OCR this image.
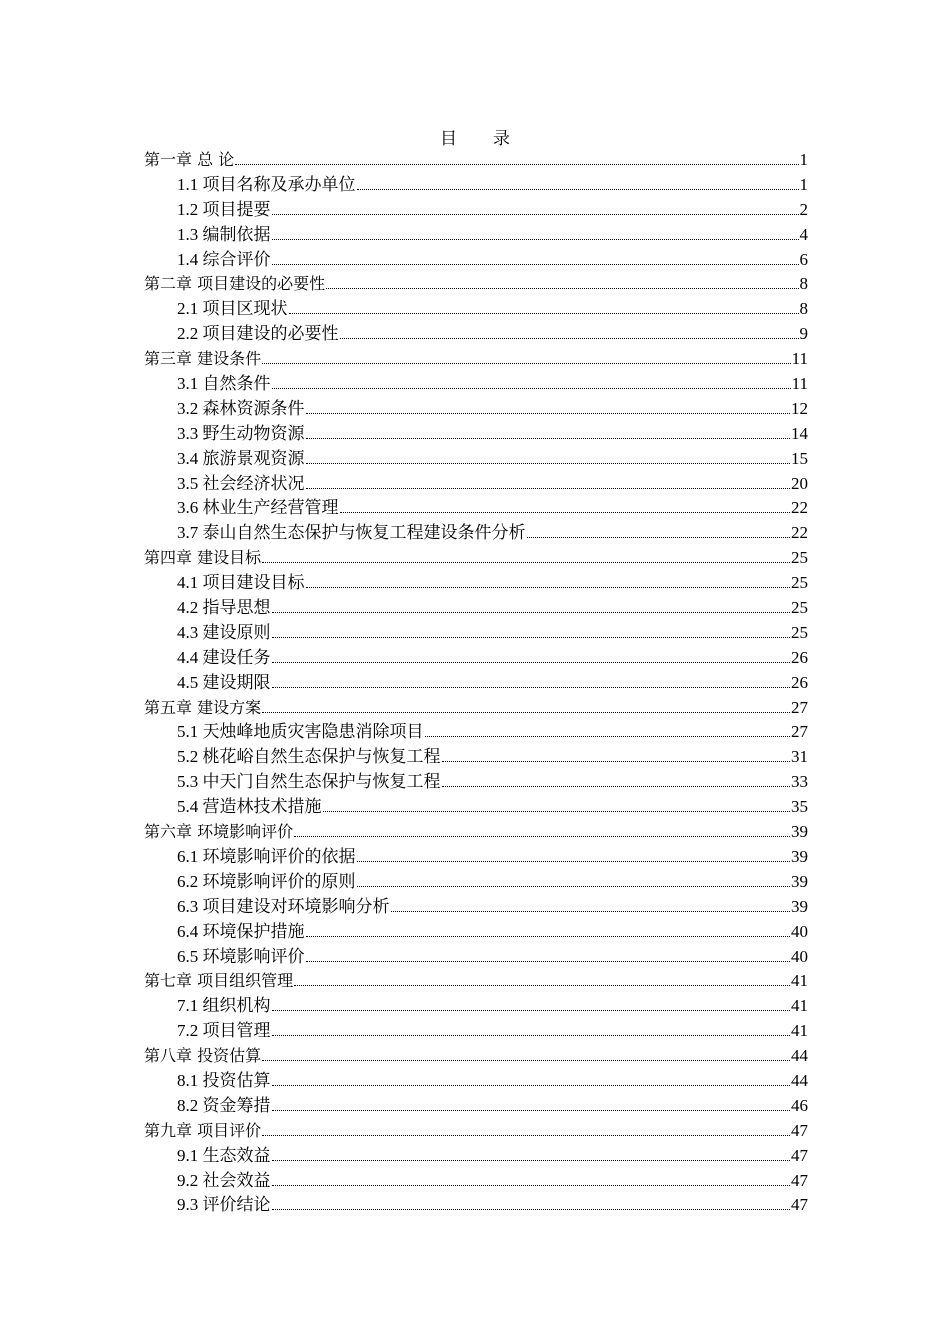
目 录
第一章 总 论	1
1.1 项目名称及承办单位	1
1.2 项目提要	2
1.3 编制依据	4
1.4 综合评价	6
第二章 项目建设的必要性	8
2.1 项目区现状	8
2.2 项目建设的必要性	9
第三章 建设条件	11
3.1 自然条件	11
3.2 森林资源条件	12
3.3 野生动物资源	14
3.4 旅游景观资源	15
3.5 社会经济状况	20
3.6 林业生产经营管理	22
3.7 泰山自然生态保护与恢复工程建设条件分析	22
第四章 建设目标	25
4.1 项目建设目标	25
4.2 指导思想	25
4.3 建设原则	25
4.4 建设任务	26
4.5 建设期限	26
第五章 建设方案	27
5.1 天烛峰地质灾害隐患消除项目	27
5.2 桃花峪自然生态保护与恢复工程	31
5.3 中天门自然生态保护与恢复工程	33
5.4 营造林技术措施	35
第六章 环境影响评价	39
6.1 环境影响评价的依据	39
6.2 环境影响评价的原则	39
6.3 项目建设对环境影响分析	39
6.4 环境保护措施	40
6.5 环境影响评价	40
第七章 项目组织管理	41
7.1 组织机构	41
7.2 项目管理	41
第八章 投资估算	44
8.1 投资估算	44
8.2 资金筹措	46
第九章 项目评价	47
9.1 生态效益	47
9.2 社会效益	47
9.3 评价结论	47
